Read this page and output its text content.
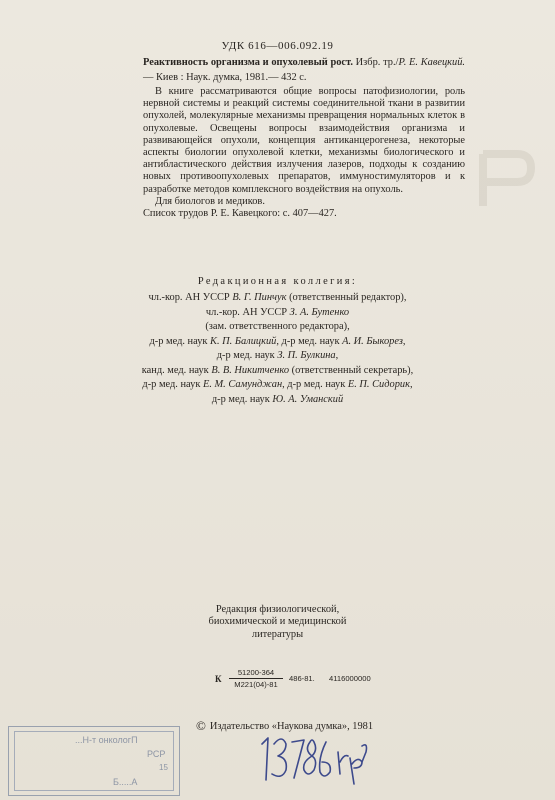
УДК 616—006.092.19
Реактивность организма и опухолевый рост. Избр. тр./Р. Е. Кавецкий.— Киев : Наук. думка, 1981.— 432 с.

В книге рассматриваются общие вопросы патофизиологии, роль нервной системы и реакций системы соединительной ткани в развитии опухолей, молекулярные механизмы превращения нормальных клеток в опухолевые. Освещены вопросы взаимодействия организма и развивающейся опухоли, концепция антиканцерогенеза, некоторые аспекты биологии опухолевой клетки, механизмы биологического и антибластического действия излучения лазеров, подходы к созданию новых противоопухолевых препаратов, иммуностимуляторов и к разработке методов комплексного воздействия на опухоль.

Для биологов и медиков.

Список трудов Р. Е. Кавецкого: с. 407—427.

Редакционная коллегия:
чл.-кор. АН УССР В. Г. Пинчук (ответственный редактор),
чл.-кор. АН УССР З. А. Бутенко
(зам. ответственного редактора),
д-р мед. наук К. П. Балицкий, д-р мед. наук А. И. Быкорез,
д-р мед. наук З. П. Булкина,
канд. мед. наук В. В. Никитченко (ответственный секретарь),
д-р мед. наук Е. М. Самунджан, д-р мед. наук Е. П. Сидорик,
д-р мед. наук Ю. А. Уманский
Редакция физиологической,
биохимической и медицинской
литературы
К
51200-364
М221(04)-81
486-81. 4116000000
© Издательство «Наукова думка», 1981
...Н-т онкологП
РСР
15
Б.....А
